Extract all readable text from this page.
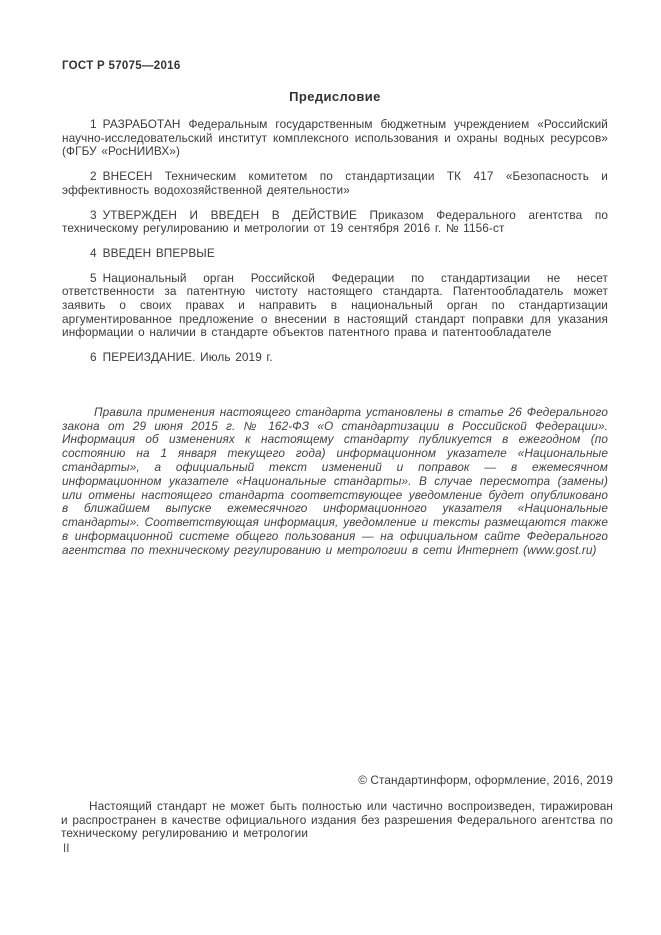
ГОСТ Р 57075—2016
Предисловие

1 РАЗРАБОТАН Федеральным государственным бюджетным учреждением «Российский научно-исследовательский институт комплексного использования и охраны водных ресурсов» (ФГБУ «РосНИИВХ»)

2 ВНЕСЕН Техническим комитетом по стандартизации ТК 417 «Безопасность и эффективность водохозяйственной деятельности»

3 УТВЕРЖДЕН И ВВЕДЕН В ДЕЙСТВИЕ Приказом Федерального агентства по техническому регулированию и метрологии от 19 сентября 2016 г. № 1156-ст

4 ВВЕДЕН ВПЕРВЫЕ

5 Национальный орган Российской Федерации по стандартизации не несет ответственности за патентную чистоту настоящего стандарта. Патентообладатель может заявить о своих правах и направить в национальный орган по стандартизации аргументированное предложение о внесении в настоящий стандарт поправки для указания информации о наличии в стандарте объектов патентного права и патентообладателе

6 ПЕРЕИЗДАНИЕ. Июль 2019 г.

Правила применения настоящего стандарта установлены в статье 26 Федерального закона от 29 июня 2015 г. № 162-ФЗ «О стандартизации в Российской Федерации». Информация об изменениях к настоящему стандарту публикуется в ежегодном (по состоянию на 1 января текущего года) информационном указателе «Национальные стандарты», а официальный текст изменений и поправок — в ежемесячном информационном указателе «Национальные стандарты». В случае пересмотра (замены) или отмены настоящего стандарта соответствующее уведомление будет опубликовано в ближайшем выпуске ежемесячного информационного указателя «Национальные стандарты». Соответствующая информация, уведомление и тексты размещаются также в информационной системе общего пользования — на официальном сайте Федерального агентства по техническому регулированию и метрологии в сети Интернет (www.gost.ru)

© Стандартинформ, оформление, 2016, 2019

Настоящий стандарт не может быть полностью или частично воспроизведен, тиражирован и распространен в качестве официального издания без разрешения Федерального агентства по техническому регулированию и метрологии

II
